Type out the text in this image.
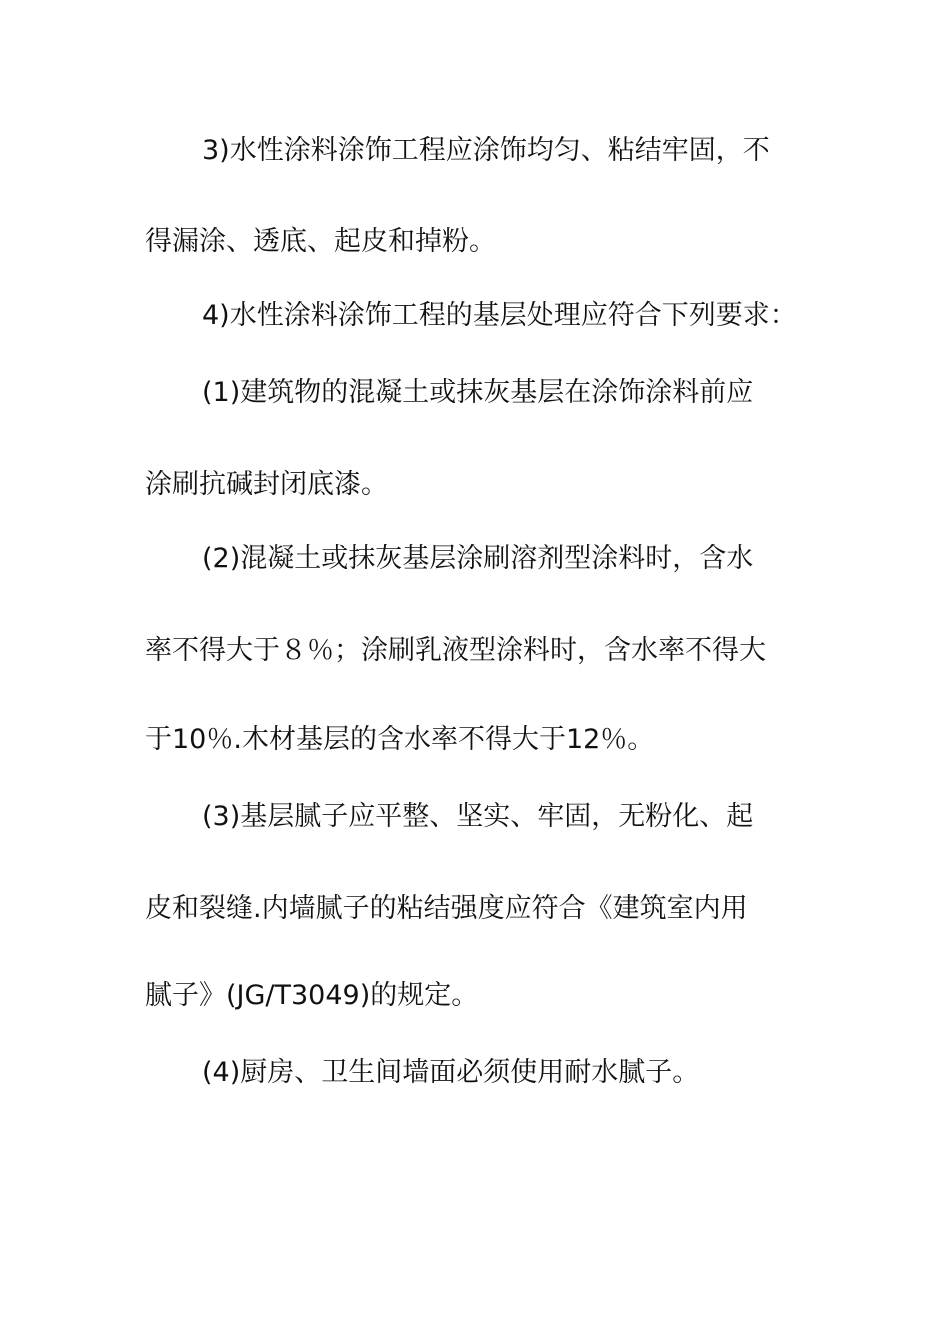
3)水性涂料涂饰工程应涂饰均匀、粘结牢固，不
得漏涂、透底、起皮和掉粉。
4)水性涂料涂饰工程的基层处理应符合下列要求：
(1)建筑物的混凝土或抹灰基层在涂饰涂料前应
涂刷抗碱封闭底漆。
(2)混凝土或抹灰基层涂刷溶剂型涂料时，含水
率不得大于８％；涂刷乳液型涂料时，含水率不得大
于10％.木材基层的含水率不得大于12％。
(3)基层腻子应平整、坚实、牢固，无粉化、起
皮和裂缝.内墙腻子的粘结强度应符合《建筑室内用
腻子》(JG/T3049)的规定。
(4)厨房、卫生间墙面必须使用耐水腻子。
